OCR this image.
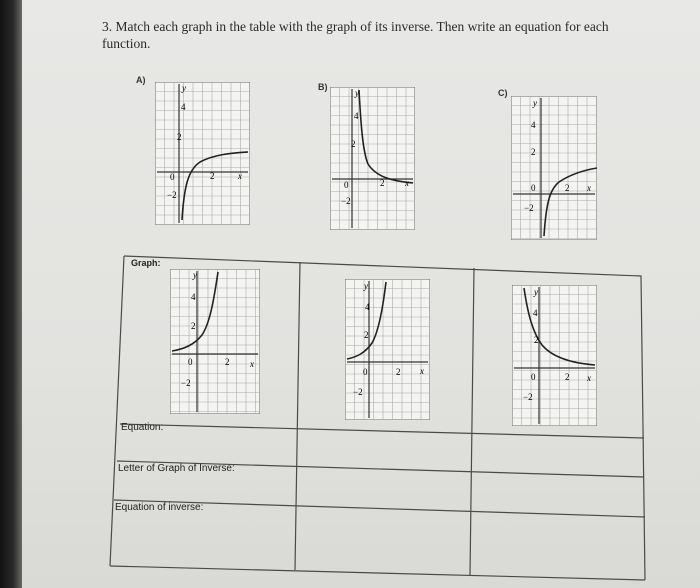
3. Match each graph in the table with the graph of its inverse. Then write an equation for each function.
A)
B)
C)
y
x
0
4
2
−2
2
y
x
0
4
2
−2
2
y
x
0
4
2
−2
2
Graph:
Equation:
Letter of Graph of Inverse:
Equation of inverse:
y
x
0
4
2
−2
2
y
x
0
4
2
−2
2
y
x
0
4
2
−2
2
